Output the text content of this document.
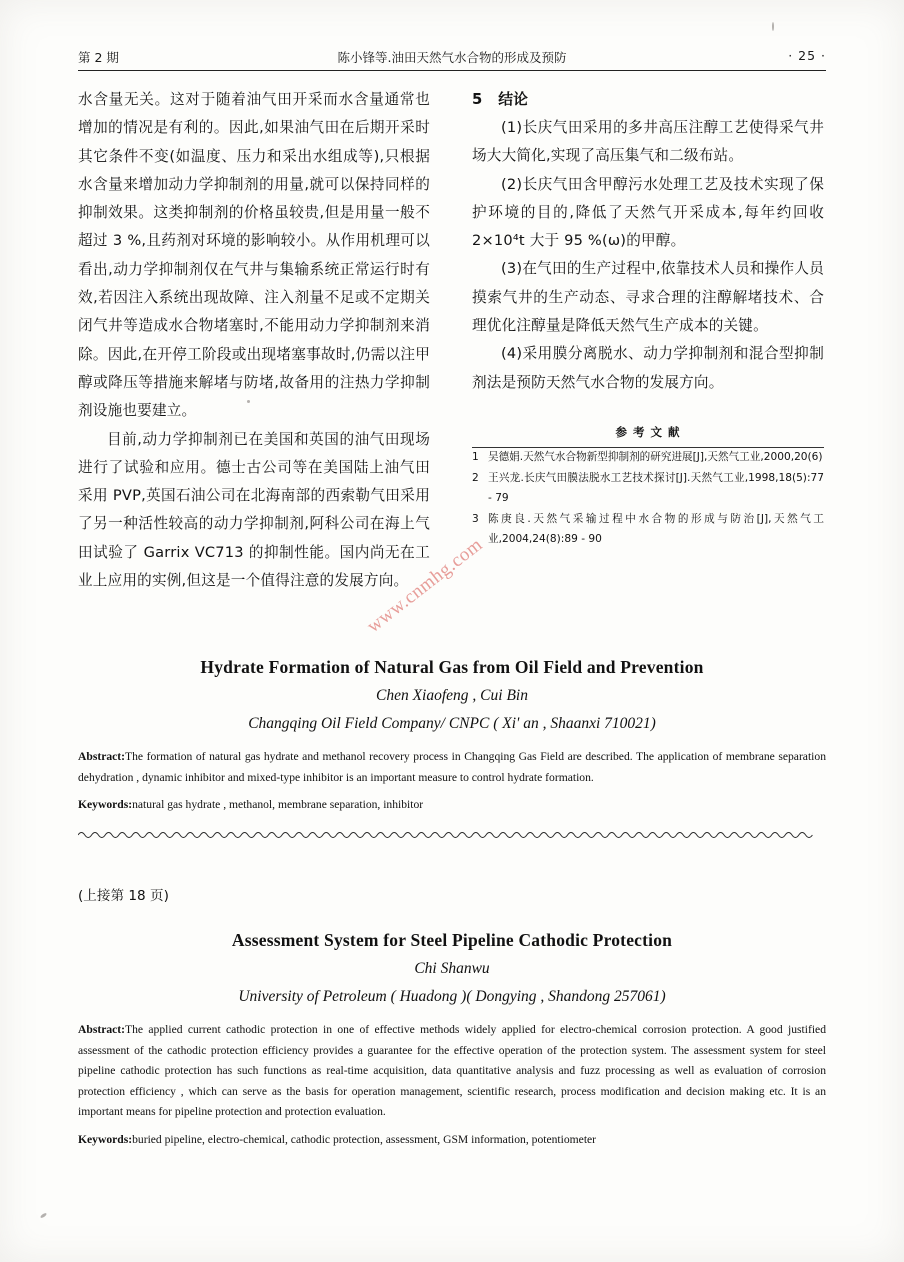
第 2 期	陈小锋等.油田天然气水合物的形成及预防	· 25 ·

水含量无关。这对于随着油气田开采而水含量通常也增加的情况是有利的。因此,如果油气田在后期开采时其它条件不变(如温度、压力和采出水组成等),只根据水含量来增加动力学抑制剂的用量,就可以保持同样的抑制效果。这类抑制剂的价格虽较贵,但是用量一般不超过 3 %,且药剂对环境的影响较小。从作用机理可以看出,动力学抑制剂仅在气井与集输系统正常运行时有效,若因注入系统出现故障、注入剂量不足或不定期关闭气井等造成水合物堵塞时,不能用动力学抑制剂来消除。因此,在开停工阶段或出现堵塞事故时,仍需以注甲醇或降压等措施来解堵与防堵,故备用的注热力学抑制剂设施也要建立。

目前,动力学抑制剂已在美国和英国的油气田现场进行了试验和应用。德士古公司等在美国陆上油气田采用 PVP,英国石油公司在北海南部的西索勒气田采用了另一种活性较高的动力学抑制剂,阿科公司在海上气田试验了 Garrix VC713 的抑制性能。国内尚无在工业上应用的实例,但这是一个值得注意的发展方向。

5 结论

(1)长庆气田采用的多井高压注醇工艺使得采气井场大大简化,实现了高压集气和二级布站。

(2)长庆气田含甲醇污水处理工艺及技术实现了保护环境的目的,降低了天然气开采成本,每年约回收 2×10⁴t 大于 95 %(ω)的甲醇。

(3)在气田的生产过程中,依靠技术人员和操作人员摸索气井的生产动态、寻求合理的注醇解堵技术、合理优化注醇量是降低天然气生产成本的关键。

(4)采用膜分离脱水、动力学抑制剂和混合型抑制剂法是预防天然气水合物的发展方向。

参 考 文 献
1 吴德娟.天然气水合物新型抑制剂的研究进展[J],天然气工业,2000,20(6)
2 王兴龙.长庆气田膜法脱水工艺技术探讨[J].天然气工业,1998,18(5):77 - 79
3 陈庚良.天然气采输过程中水合物的形成与防治[J],天然气工业,2004,24(8):89 - 90
www.cnmhg.com
Hydrate Formation of Natural Gas from Oil Field and Prevention
Chen Xiaofeng , Cui Bin
Changqing Oil Field Company/ CNPC ( Xi' an , Shaanxi 710021)
Abstract:The formation of natural gas hydrate and methanol recovery process in Changqing Gas Field are described. The application of membrane separation dehydration , dynamic inhibitor and mixed-type inhibitor is an important measure to control hydrate formation.
Keywords:natural gas hydrate , methanol, membrane separation, inhibitor
(上接第 18 页)
Assessment System for Steel Pipeline Cathodic Protection
Chi Shanwu
University of Petroleum ( Huadong )( Dongying , Shandong 257061)
Abstract:The applied current cathodic protection in one of effective methods widely applied for electro-chemical corrosion protection. A good justified assessment of the cathodic protection efficiency provides a guarantee for the effective operation of the protection system. The assessment system for steel pipeline cathodic protection has such functions as real-time acquisition, data quantitative analysis and fuzz processing as well as evaluation of corrosion protection efficiency , which can serve as the basis for operation management, scientific research, process modification and decision making etc. It is an important means for pipeline protection and protection evaluation.
Keywords:buried pipeline, electro-chemical, cathodic protection, assessment, GSM information, potentiometer
